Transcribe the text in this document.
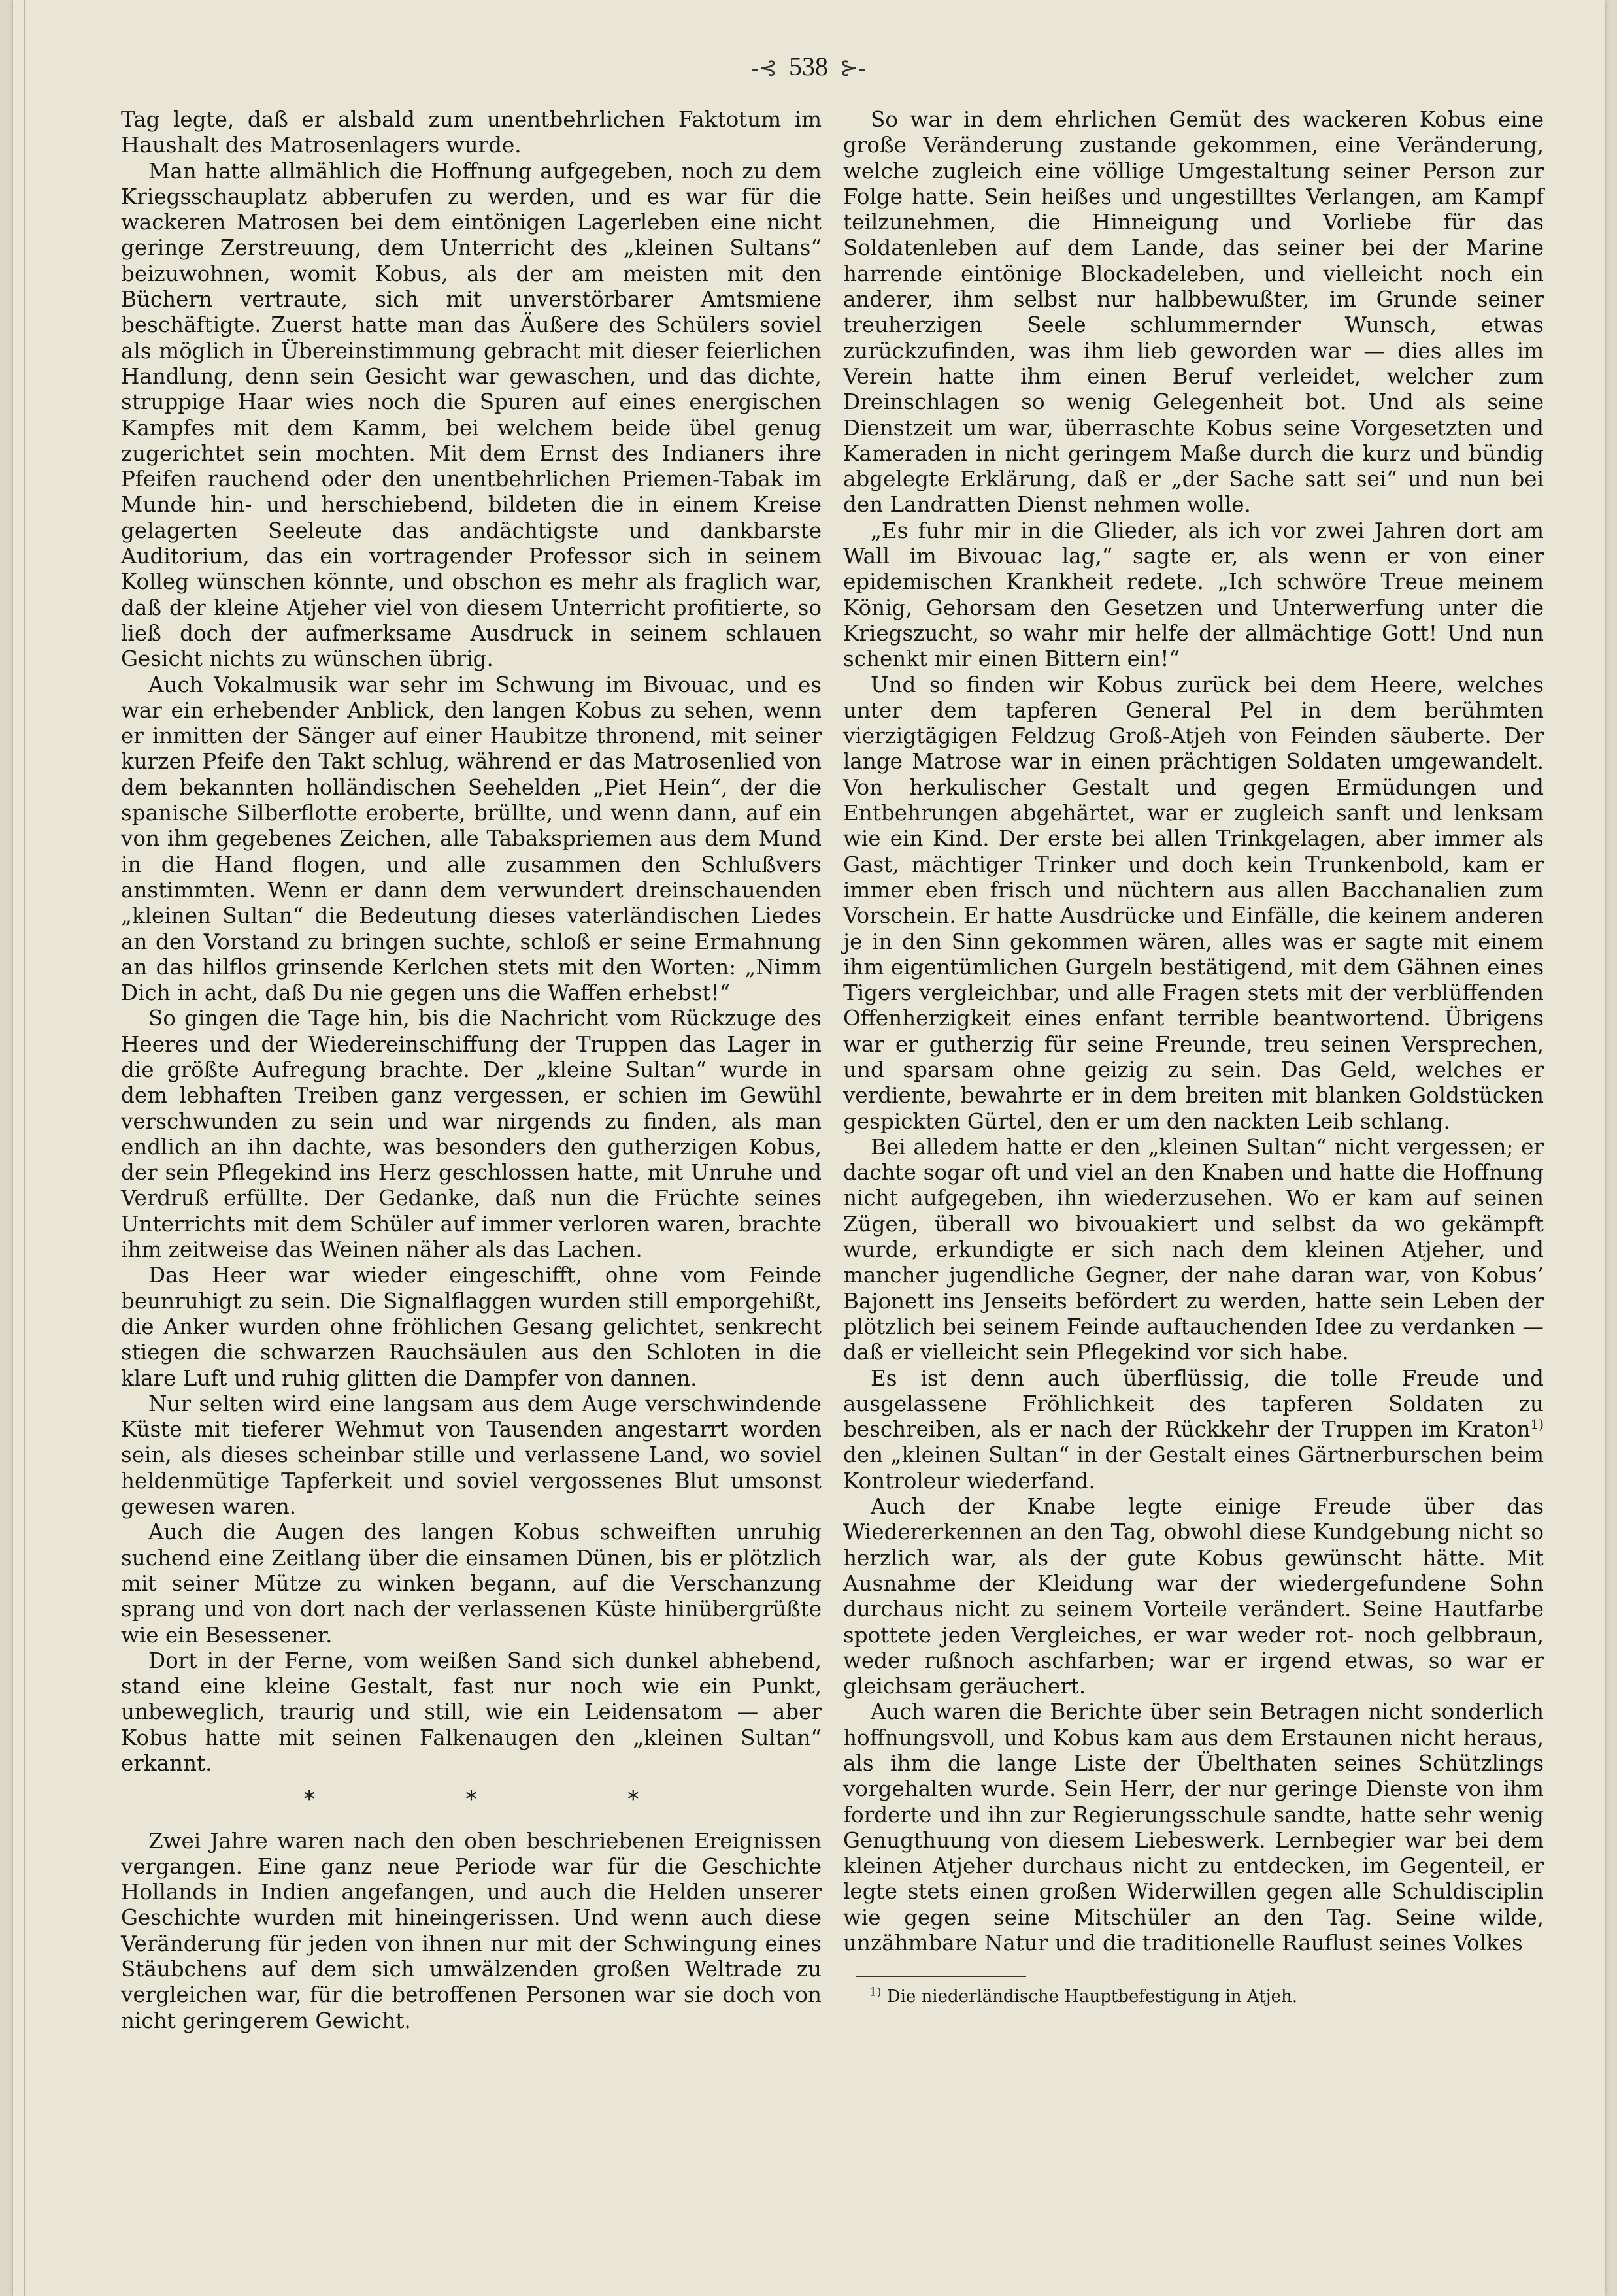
-⊰ 538 ⊱-

Tag legte, daß er alsbald zum unentbehrlichen Faktotum im Haushalt des Matrosenlagers wurde.

Man hatte allmählich die Hoffnung aufgegeben, noch zu dem Kriegsschauplatz abberufen zu werden, und es war für die wackeren Matrosen bei dem eintönigen Lagerleben eine nicht geringe Zerstreuung, dem Unterricht des „kleinen Sultans“ beizuwohnen, womit Kobus, als der am meisten mit den Büchern vertraute, sich mit unverstörbarer Amtsmiene beschäftigte. Zuerst hatte man das Äußere des Schülers soviel als möglich in Übereinstimmung gebracht mit dieser feierlichen Handlung, denn sein Gesicht war gewaschen, und das dichte, struppige Haar wies noch die Spuren auf eines energischen Kampfes mit dem Kamm, bei welchem beide übel genug zugerichtet sein mochten. Mit dem Ernst des Indianers ihre Pfeifen rauchend oder den unentbehrlichen Priemen-Tabak im Munde hin- und herschiebend, bildeten die in einem Kreise gelagerten Seeleute das andächtigste und dankbarste Auditorium, das ein vortragender Professor sich in seinem Kolleg wünschen könnte, und obschon es mehr als fraglich war, daß der kleine Atjeher viel von diesem Unterricht profitierte, so ließ doch der aufmerksame Ausdruck in seinem schlauen Gesicht nichts zu wünschen übrig.

Auch Vokalmusik war sehr im Schwung im Bivouac, und es war ein erhebender Anblick, den langen Kobus zu sehen, wenn er inmitten der Sänger auf einer Haubitze thronend, mit seiner kurzen Pfeife den Takt schlug, während er das Matrosenlied von dem bekannten holländischen Seehelden „Piet Hein“, der die spanische Silberflotte eroberte, brüllte, und wenn dann, auf ein von ihm gegebenes Zeichen, alle Tabakspriemen aus dem Mund in die Hand flogen, und alle zusammen den Schlußvers anstimmten. Wenn er dann dem verwundert dreinschauenden „kleinen Sultan“ die Bedeutung dieses vaterländischen Liedes an den Vorstand zu bringen suchte, schloß er seine Ermahnung an das hilflos grinsende Kerlchen stets mit den Worten: „Nimm Dich in acht, daß Du nie gegen uns die Waffen erhebst!“

So gingen die Tage hin, bis die Nachricht vom Rückzuge des Heeres und der Wiedereinschiffung der Truppen das Lager in die größte Aufregung brachte. Der „kleine Sultan“ wurde in dem lebhaften Treiben ganz vergessen, er schien im Gewühl verschwunden zu sein und war nirgends zu finden, als man endlich an ihn dachte, was besonders den gutherzigen Kobus, der sein Pflegekind ins Herz geschlossen hatte, mit Unruhe und Verdruß erfüllte. Der Gedanke, daß nun die Früchte seines Unterrichts mit dem Schüler auf immer verloren waren, brachte ihm zeitweise das Weinen näher als das Lachen.

Das Heer war wieder eingeschifft, ohne vom Feinde beunruhigt zu sein. Die Signalflaggen wurden still emporgehißt, die Anker wurden ohne fröhlichen Gesang gelichtet, senkrecht stiegen die schwarzen Rauchsäulen aus den Schloten in die klare Luft und ruhig glitten die Dampfer von dannen.

Nur selten wird eine langsam aus dem Auge verschwindende Küste mit tieferer Wehmut von Tausenden angestarrt worden sein, als dieses scheinbar stille und verlassene Land, wo soviel heldenmütige Tapferkeit und soviel vergossenes Blut umsonst gewesen waren.

Auch die Augen des langen Kobus schweiften unruhig suchend eine Zeitlang über die einsamen Dünen, bis er plötzlich mit seiner Mütze zu winken begann, auf die Verschanzung sprang und von dort nach der verlassenen Küste hinübergrüßte wie ein Besessener.

Dort in der Ferne, vom weißen Sand sich dunkel abhebend, stand eine kleine Gestalt, fast nur noch wie ein Punkt, unbeweglich, traurig und still, wie ein Leidensatom — aber Kobus hatte mit seinen Falkenaugen den „kleinen Sultan“ erkannt.

* * *

Zwei Jahre waren nach den oben beschriebenen Ereignissen vergangen. Eine ganz neue Periode war für die Geschichte Hollands in Indien angefangen, und auch die Helden unserer Geschichte wurden mit hineingerissen. Und wenn auch diese Veränderung für jeden von ihnen nur mit der Schwingung eines Stäubchens auf dem sich umwälzenden großen Weltrade zu vergleichen war, für die betroffenen Personen war sie doch von nicht geringerem Gewicht.

So war in dem ehrlichen Gemüt des wackeren Kobus eine große Veränderung zustande gekommen, eine Veränderung, welche zugleich eine völlige Umgestaltung seiner Person zur Folge hatte. Sein heißes und ungestilltes Verlangen, am Kampf teilzunehmen, die Hinneigung und Vorliebe für das Soldatenleben auf dem Lande, das seiner bei der Marine harrende eintönige Blockadeleben, und vielleicht noch ein anderer, ihm selbst nur halbbewußter, im Grunde seiner treuherzigen Seele schlummernder Wunsch, etwas zurückzufinden, was ihm lieb geworden war — dies alles im Verein hatte ihm einen Beruf verleidet, welcher zum Dreinschlagen so wenig Gelegenheit bot. Und als seine Dienstzeit um war, überraschte Kobus seine Vorgesetzten und Kameraden in nicht geringem Maße durch die kurz und bündig abgelegte Erklärung, daß er „der Sache satt sei“ und nun bei den Landratten Dienst nehmen wolle.

„Es fuhr mir in die Glieder, als ich vor zwei Jahren dort am Wall im Bivouac lag,“ sagte er, als wenn er von einer epidemischen Krankheit redete. „Ich schwöre Treue meinem König, Gehorsam den Gesetzen und Unterwerfung unter die Kriegszucht, so wahr mir helfe der allmächtige Gott! Und nun schenkt mir einen Bittern ein!“

Und so finden wir Kobus zurück bei dem Heere, welches unter dem tapferen General Pel in dem berühmten vierzigtägigen Feldzug Groß-Atjeh von Feinden säuberte. Der lange Matrose war in einen prächtigen Soldaten umgewandelt. Von herkulischer Gestalt und gegen Ermüdungen und Entbehrungen abgehärtet, war er zugleich sanft und lenksam wie ein Kind. Der erste bei allen Trinkgelagen, aber immer als Gast, mächtiger Trinker und doch kein Trunkenbold, kam er immer eben frisch und nüchtern aus allen Bacchanalien zum Vorschein. Er hatte Ausdrücke und Einfälle, die keinem anderen je in den Sinn gekommen wären, alles was er sagte mit einem ihm eigentümlichen Gurgeln bestätigend, mit dem Gähnen eines Tigers vergleichbar, und alle Fragen stets mit der verblüffenden Offenherzigkeit eines enfant terrible beantwortend. Übrigens war er gutherzig für seine Freunde, treu seinen Versprechen, und sparsam ohne geizig zu sein. Das Geld, welches er verdiente, bewahrte er in dem breiten mit blanken Goldstücken gespickten Gürtel, den er um den nackten Leib schlang.

Bei alledem hatte er den „kleinen Sultan“ nicht vergessen; er dachte sogar oft und viel an den Knaben und hatte die Hoffnung nicht aufgegeben, ihn wiederzusehen. Wo er kam auf seinen Zügen, überall wo bivouakiert und selbst da wo gekämpft wurde, erkundigte er sich nach dem kleinen Atjeher, und mancher jugendliche Gegner, der nahe daran war, von Kobus’ Bajonett ins Jenseits befördert zu werden, hatte sein Leben der plötzlich bei seinem Feinde auftauchenden Idee zu verdanken — daß er vielleicht sein Pflegekind vor sich habe.

Es ist denn auch überflüssig, die tolle Freude und ausgelassene Fröhlichkeit des tapferen Soldaten zu beschreiben, als er nach der Rückkehr der Truppen im Kraton$^{1)}$ den „kleinen Sultan“ in der Gestalt eines Gärtnerburschen beim Kontroleur wiederfand.

Auch der Knabe legte einige Freude über das Wiedererkennen an den Tag, obwohl diese Kundgebung nicht so herzlich war, als der gute Kobus gewünscht hätte. Mit Ausnahme der Kleidung war der wiedergefundene Sohn durchaus nicht zu seinem Vorteile verändert. Seine Hautfarbe spottete jeden Vergleiches, er war weder rot- noch gelbbraun, weder rußnoch aschfarben; war er irgend etwas, so war er gleichsam geräuchert.

Auch waren die Berichte über sein Betragen nicht sonderlich hoffnungsvoll, und Kobus kam aus dem Erstaunen nicht heraus, als ihm die lange Liste der Übelthaten seines Schützlings vorgehalten wurde. Sein Herr, der nur geringe Dienste von ihm forderte und ihn zur Regierungsschule sandte, hatte sehr wenig Genugthuung von diesem Liebeswerk. Lernbegier war bei dem kleinen Atjeher durchaus nicht zu entdecken, im Gegenteil, er legte stets einen großen Widerwillen gegen alle Schuldisciplin wie gegen seine Mitschüler an den Tag. Seine wilde, unzähmbare Natur und die traditionelle Rauflust seines Volkes

$^{1)}$ Die niederländische Hauptbefestigung in Atjeh.
